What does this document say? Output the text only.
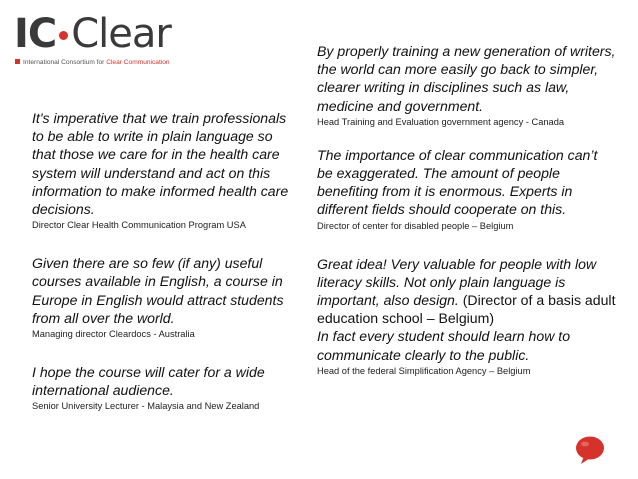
IC Clear
International Consortium for Clear Communication
It's imperative that we train professionals to be able to write in plain language so that those we care for in the health care system will understand and act on this information to make informed health care decisions.
Director Clear Health Communication Program USA
Given there are so few (if any) useful courses available in English, a course in Europe in English would attract students from all over the world.
Managing director Cleardocs - Australia
I hope the course will cater for a wide international audience.
Senior University Lecturer - Malaysia and New Zealand
By properly training a new generation of writers, the world can more easily go back to simpler, clearer writing in disciplines such as law, medicine and government.
Head Training and Evaluation government agency - Canada
The importance of clear communication can’t be exaggerated. The amount of people benefiting from it is enormous. Experts in different fields should cooperate on this.
Director of center for disabled people – Belgium
Great idea! Very valuable for people with low literacy skills. Not only plain language is important, also design. (Director of a basis adult education school – Belgium)
In fact every student should learn how to communicate clearly to the public.
Head of the federal Simplification Agency – Belgium
